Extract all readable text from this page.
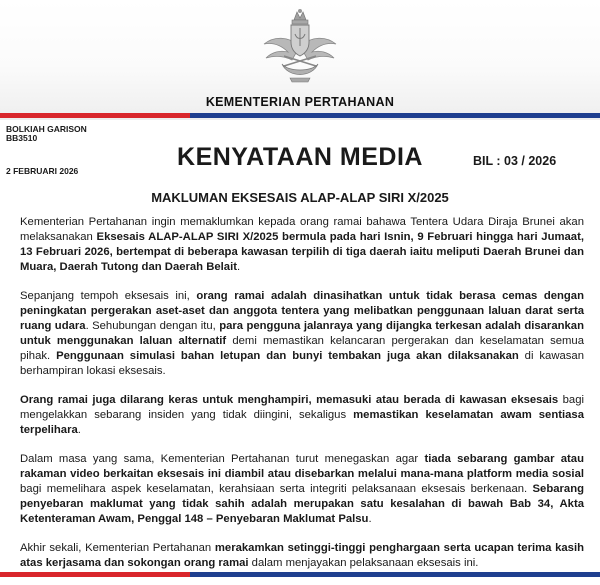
KEMENTERIAN PERTAHANAN
BOLKIAH GARISON
BB3510
2 FEBRUARI 2026	KENYATAAN MEDIA	BIL : 03 / 2026
MAKLUMAN EKSESAIS ALAP-ALAP SIRI X/2025

Kementerian Pertahanan ingin memaklumkan kepada orang ramai bahawa Tentera Udara Diraja Brunei akan melaksanakan Eksesais ALAP-ALAP SIRI X/2025 bermula pada hari Isnin, 9 Februari hingga hari Jumaat, 13 Februari 2026, bertempat di beberapa kawasan terpilih di tiga daerah iaitu meliputi Daerah Brunei dan Muara, Daerah Tutong dan Daerah Belait.

Sepanjang tempoh eksesais ini, orang ramai adalah dinasihatkan untuk tidak berasa cemas dengan peningkatan pergerakan aset-aset dan anggota tentera yang melibatkan penggunaan laluan darat serta ruang udara. Sehubungan dengan itu, para pengguna jalanraya yang dijangka terkesan adalah disarankan untuk menggunakan laluan alternatif demi memastikan kelancaran pergerakan dan keselamatan semua pihak. Penggunaan simulasi bahan letupan dan bunyi tembakan juga akan dilaksanakan di kawasan berhampiran lokasi eksesais.

Orang ramai juga dilarang keras untuk menghampiri, memasuki atau berada di kawasan eksesais bagi mengelakkan sebarang insiden yang tidak diingini, sekaligus memastikan keselamatan awam sentiasa terpelihara.

Dalam masa yang sama, Kementerian Pertahanan turut menegaskan agar tiada sebarang gambar atau rakaman video berkaitan eksesais ini diambil atau disebarkan melalui mana-mana platform media sosial bagi memelihara aspek keselamatan, kerahsiaan serta integriti pelaksanaan eksesais berkenaan. Sebarang penyebaran maklumat yang tidak sahih adalah merupakan satu kesalahan di bawah Bab 34, Akta Ketenteraman Awam, Penggal 148 – Penyebaran Maklumat Palsu.

Akhir sekali, Kementerian Pertahanan merakamkan setinggi-tinggi penghargaan serta ucapan terima kasih atas kerjasama dan sokongan orang ramai dalam menjayakan pelaksanaan eksesais ini.
